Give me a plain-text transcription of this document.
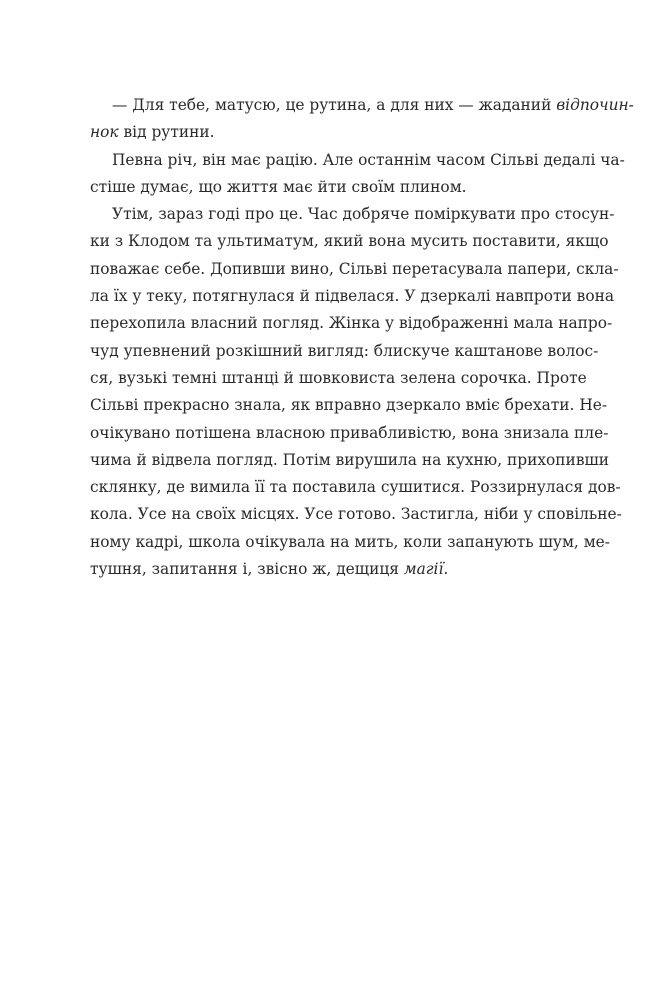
— Для тебе, матусю, це рутина, а для них — жаданий відпочин-
нок від рутини.
Певна річ, він має рацію. Але останнім часом Сільві дедалі ча-
стіше думає, що життя має йти своїм плином.
Утім, зараз годі про це. Час добряче поміркувати про стосун-
ки з Клодом та ультиматум, який вона мусить поставити, якщо
поважає себе. Допивши вино, Сільві перетасувала папери, скла-
ла їх у теку, потягнулася й підвелася. У дзеркалі навпроти вона
перехопила власний погляд. Жінка у відображенні мала напро-
чуд упевнений розкішний вигляд: блискуче каштанове волос-
ся, вузькі темні штанці й шовковиста зелена сорочка. Проте
Сільві прекрасно знала, як вправно дзеркало вміє брехати. Не-
очікувано потішена власною привабливістю, вона знизала пле-
чима й відвела погляд. Потім вирушила на кухню, прихопивши
склянку, де вимила її та поставила сушитися. Роззирнулася дов-
кола. Усе на своїх місцях. Усе готово. Застигла, ніби у сповільне-
ному кадрі, школа очікувала на мить, коли запанують шум, ме-
тушня, запитання і, звісно ж, дещиця магії.
